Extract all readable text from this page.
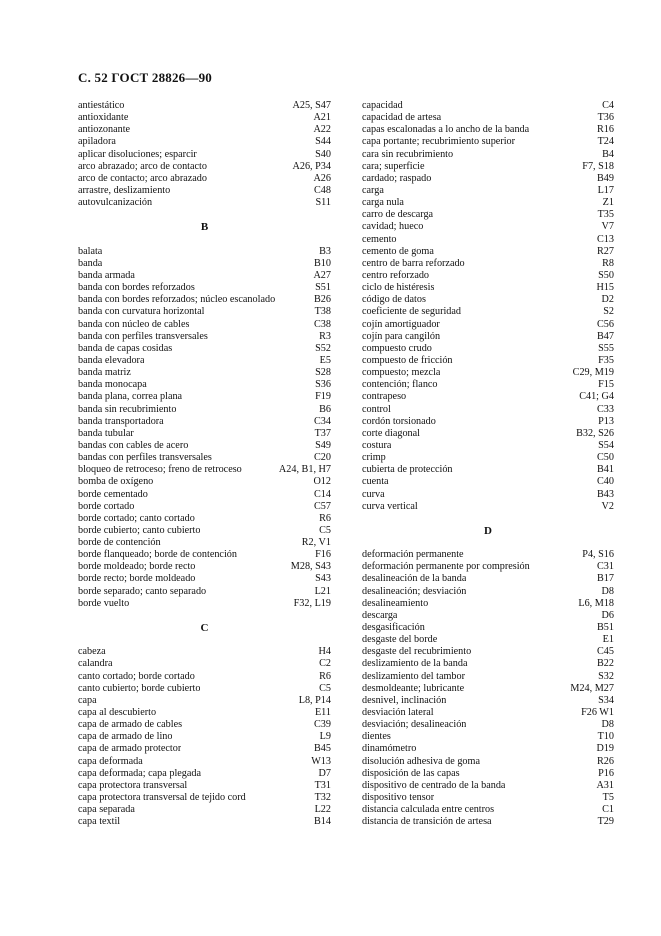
С. 52 ГОСТ 28826—90
antiestático	A25, S47
antioxidante	A21
antiozonante	A22
apiladora	S44
aplicar disoluciones; esparcir	S40
arco abrazado; arco de contacto	A26, P34
arco de contacto; arco abrazado	A26
arrastre, deslizamiento	C48
autovulcanización	S11
B
balata	B3
banda	B10
banda armada	A27
banda con bordes reforzados	S51
banda con bordes reforzados; núcleo escanolado	B26
banda con curvatura horizontal	T38
banda con núcleo de cables	C38
banda con perfiles transversales	R3
banda de capas cosidas	S52
banda elevadora	E5
banda matriz	S28
banda monocapa	S36
banda plana, correa plana	F19
banda sin recubrimiento	B6
banda transportadora	C34
banda tubular	T37
bandas con cables de acero	S49
bandas con perfiles transversales	C20
bloqueo de retroceso; freno de retroceso	A24, B1, H7
bomba de oxígeno	O12
borde cementado	C14
borde cortado	C57
borde cortado; canto cortado	R6
borde cubierto; canto cubierto	C5
borde de contención	R2, V1
borde flanqueado; borde de contención	F16
borde moldeado; borde recto	M28, S43
borde recto; borde moldeado	S43
borde separado; canto separado	L21
borde vuelto	F32, L19
C
cabeza	H4
calandra	C2
canto cortado; borde cortado	R6
canto cubierto; borde cubierto	C5
capa	L8, P14
capa al descubierto	E11
capa de armado de cables	C39
capa de armado de lino	L9
capa de armado protector	B45
capa deformada	W13
capa deformada; capa plegada	D7
capa protectora transversal	T31
capa protectora transversal de tejido cord	T32
capa separada	L22
capa textil	B14
capacidad	C4
capacidad de artesa	T36
capas escalonadas a lo ancho de la banda	R16
capa portante; recubrimiento superior	T24
cara sin recubrimiento	B4
cara; superficie	F7, S18
cardado; raspado	B49
carga	L17
carga nula	Z1
carro de descarga	T35
cavidad; hueco	V7
cemento	C13
cemento de goma	R27
centro de barra reforzado	R8
centro reforzado	S50
ciclo de histéresis	H15
código de datos	D2
coeficiente de seguridad	S2
cojín amortiguador	C56
cojín para cangilón	B47
compuesto crudo	S55
compuesto de fricción	F35
compuesto; mezcla	C29, M19
contención; flanco	F15
contrapeso	C41; G4
control	C33
cordón torsionado	P13
corte diagonal	B32, S26
costura	S54
crimp	C50
cubierta de protección	B41
cuenta	C40
curva	B43
curva vertical	V2
D
deformación permanente	P4, S16
deformación permanente por compresión	C31
desalineación de la banda	B17
desalineación; desviación	D8
desalineamiento	L6, M18
descarga	D6
desgasificación	B51
desgaste del borde	E1
desgaste del recubrimiento	C45
deslizamiento de la banda	B22
deslizamiento del tambor	S32
desmoldeante; lubricante	M24, M27
desnivel, inclinación	S34
desviación lateral	F26 W1
desviación; desalineación	D8
dientes	T10
dinamómetro	D19
disolución adhesiva de goma	R26
disposición de las capas	P16
dispositivo de centrado de la banda	A31
dispositivo tensor	T5
distancia calculada entre centros	C1
distancia de transición de artesa	T29
